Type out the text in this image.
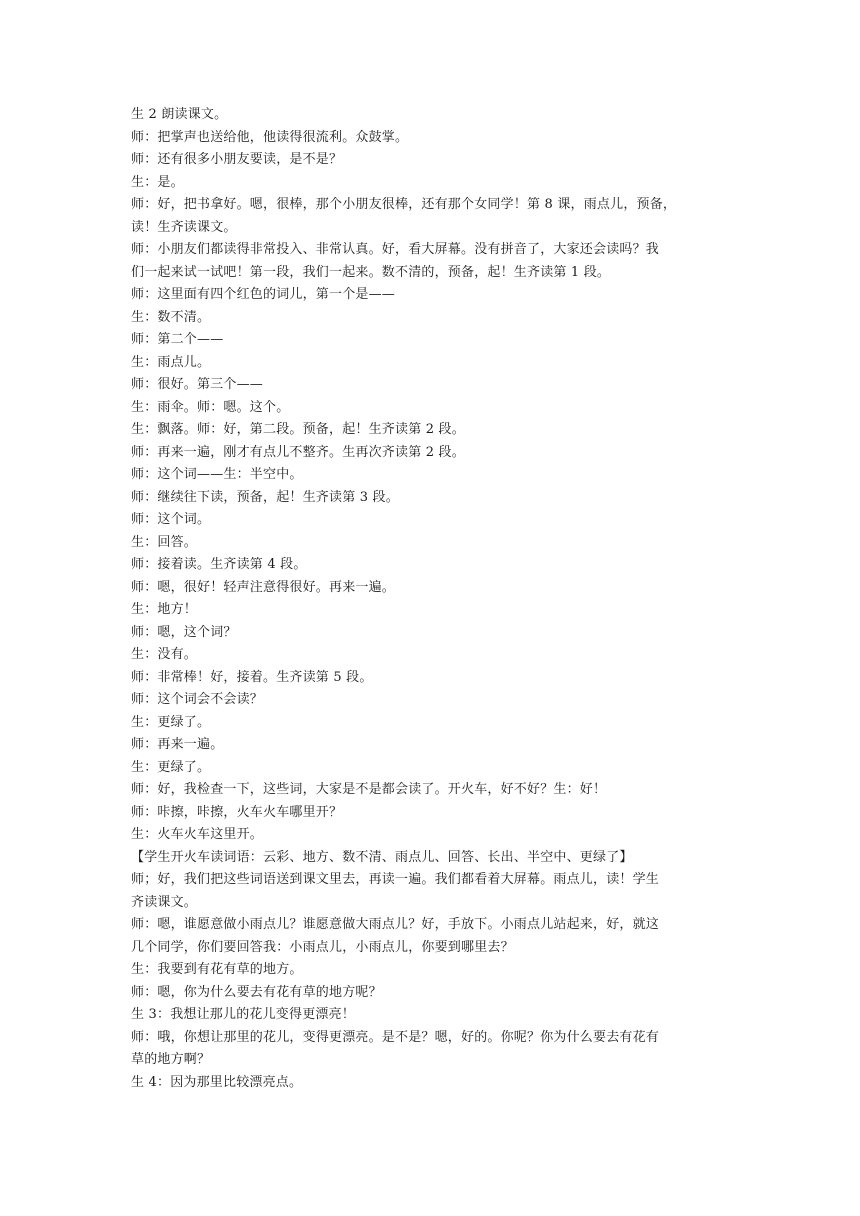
生 2 朗读课文。
师：把掌声也送给他，他读得很流利。众鼓掌。
师：还有很多小朋友要读，是不是？
生：是。
师：好，把书拿好。嗯，很棒，那个小朋友很棒，还有那个女同学！第 8 课，雨点儿，预备，
读！生齐读课文。
师：小朋友们都读得非常投入、非常认真。好，看大屏幕。没有拼音了，大家还会读吗？我
们一起来试一试吧！第一段，我们一起来。数不清的，预备，起！生齐读第 1 段。
师：这里面有四个红色的词儿，第一个是——
生：数不清。
师：第二个——
生：雨点儿。
师：很好。第三个——
生：雨伞。师：嗯。这个。
生：飘落。师：好，第二段。预备，起！生齐读第 2 段。
师：再来一遍，刚才有点儿不整齐。生再次齐读第 2 段。
师：这个词——生：半空中。
师：继续往下读，预备，起！生齐读第 3 段。
师：这个词。
生：回答。
师：接着读。生齐读第 4 段。
师：嗯，很好！轻声注意得很好。再来一遍。
生：地方！
师：嗯，这个词？
生：没有。
师：非常棒！好，接着。生齐读第 5 段。
师：这个词会不会读？
生：更绿了。
师：再来一遍。
生：更绿了。
师：好，我检查一下，这些词，大家是不是都会读了。开火车，好不好？生：好！
师：咔擦，咔擦，火车火车哪里开？
生：火车火车这里开。
【学生开火车读词语：云彩、地方、数不清、雨点儿、回答、长出、半空中、更绿了】
师；好，我们把这些词语送到课文里去，再读一遍。我们都看着大屏幕。雨点儿，读！学生
齐读课文。
师：嗯，谁愿意做小雨点儿？谁愿意做大雨点儿？好，手放下。小雨点儿站起来，好，就这
几个同学，你们要回答我：小雨点儿，小雨点儿，你要到哪里去？
生：我要到有花有草的地方。
师：嗯，你为什么要去有花有草的地方呢？
生 3：我想让那儿的花儿变得更漂亮！
师：哦，你想让那里的花儿，变得更漂亮。是不是？嗯，好的。你呢？你为什么要去有花有
草的地方啊？
生 4：因为那里比较漂亮点。
